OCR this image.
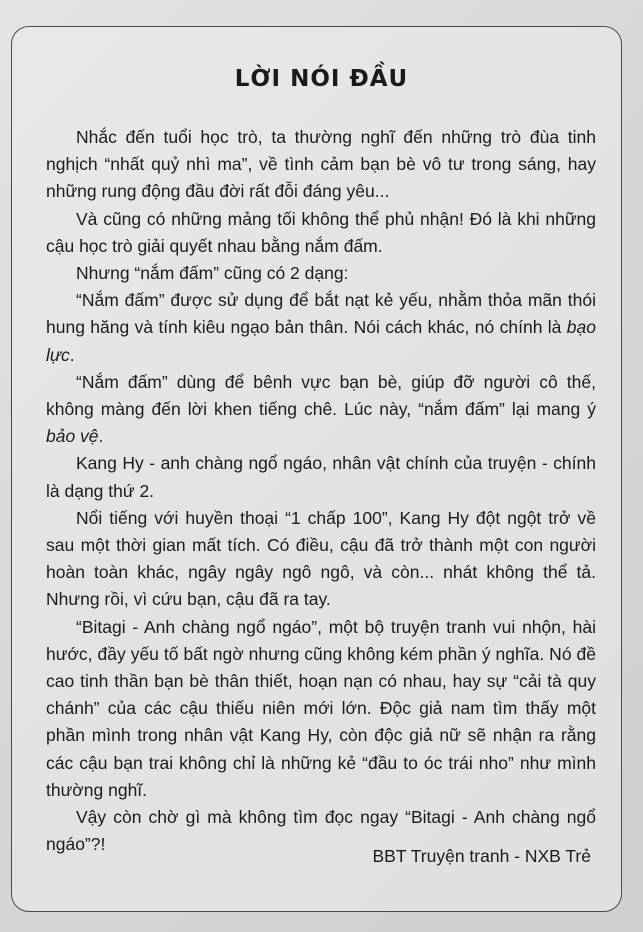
LỜI NÓI ĐẦU

Nhắc đến tuổi học trò, ta thường nghĩ đến những trò đùa tinh nghịch “nhất quỷ nhì ma”, về tình cảm bạn bè vô tư trong sáng, hay những rung động đầu đời rất đỗi đáng yêu...

Và cũng có những mảng tối không thể phủ nhận! Đó là khi những cậu học trò giải quyết nhau bằng nắm đấm.

Nhưng “nắm đấm” cũng có 2 dạng:

“Nắm đấm” được sử dụng để bắt nạt kẻ yếu, nhằm thỏa mãn thói hung hăng và tính kiêu ngạo bản thân. Nói cách khác, nó chính là bạo lực.

“Nắm đấm” dùng để bênh vực bạn bè, giúp đỡ người cô thế, không màng đến lời khen tiếng chê. Lúc này, “nắm đấm” lại mang ý bảo vệ.

Kang Hy - anh chàng ngổ ngáo, nhân vật chính của truyện - chính là dạng thứ 2.

Nổi tiếng với huyền thoại “1 chấp 100”, Kang Hy đột ngột trở về sau một thời gian mất tích. Có điều, cậu đã trở thành một con người hoàn toàn khác, ngây ngây ngô ngô, và còn... nhát không thể tả. Nhưng rồi, vì cứu bạn, cậu đã ra tay.

“Bitagi - Anh chàng ngổ ngáo”, một bộ truyện tranh vui nhộn, hài hước, đầy yếu tố bất ngờ nhưng cũng không kém phần ý nghĩa. Nó đề cao tinh thần bạn bè thân thiết, hoạn nạn có nhau, hay sự “cải tà quy chánh” của các cậu thiếu niên mới lớn. Độc giả nam tìm thấy một phần mình trong nhân vật Kang Hy, còn độc giả nữ sẽ nhận ra rằng các cậu bạn trai không chỉ là những kẻ “đầu to óc trái nho” như mình thường nghĩ.

Vậy còn chờ gì mà không tìm đọc ngay “Bitagi - Anh chàng ngổ ngáo”?!

BBT Truyện tranh - NXB Trẻ
